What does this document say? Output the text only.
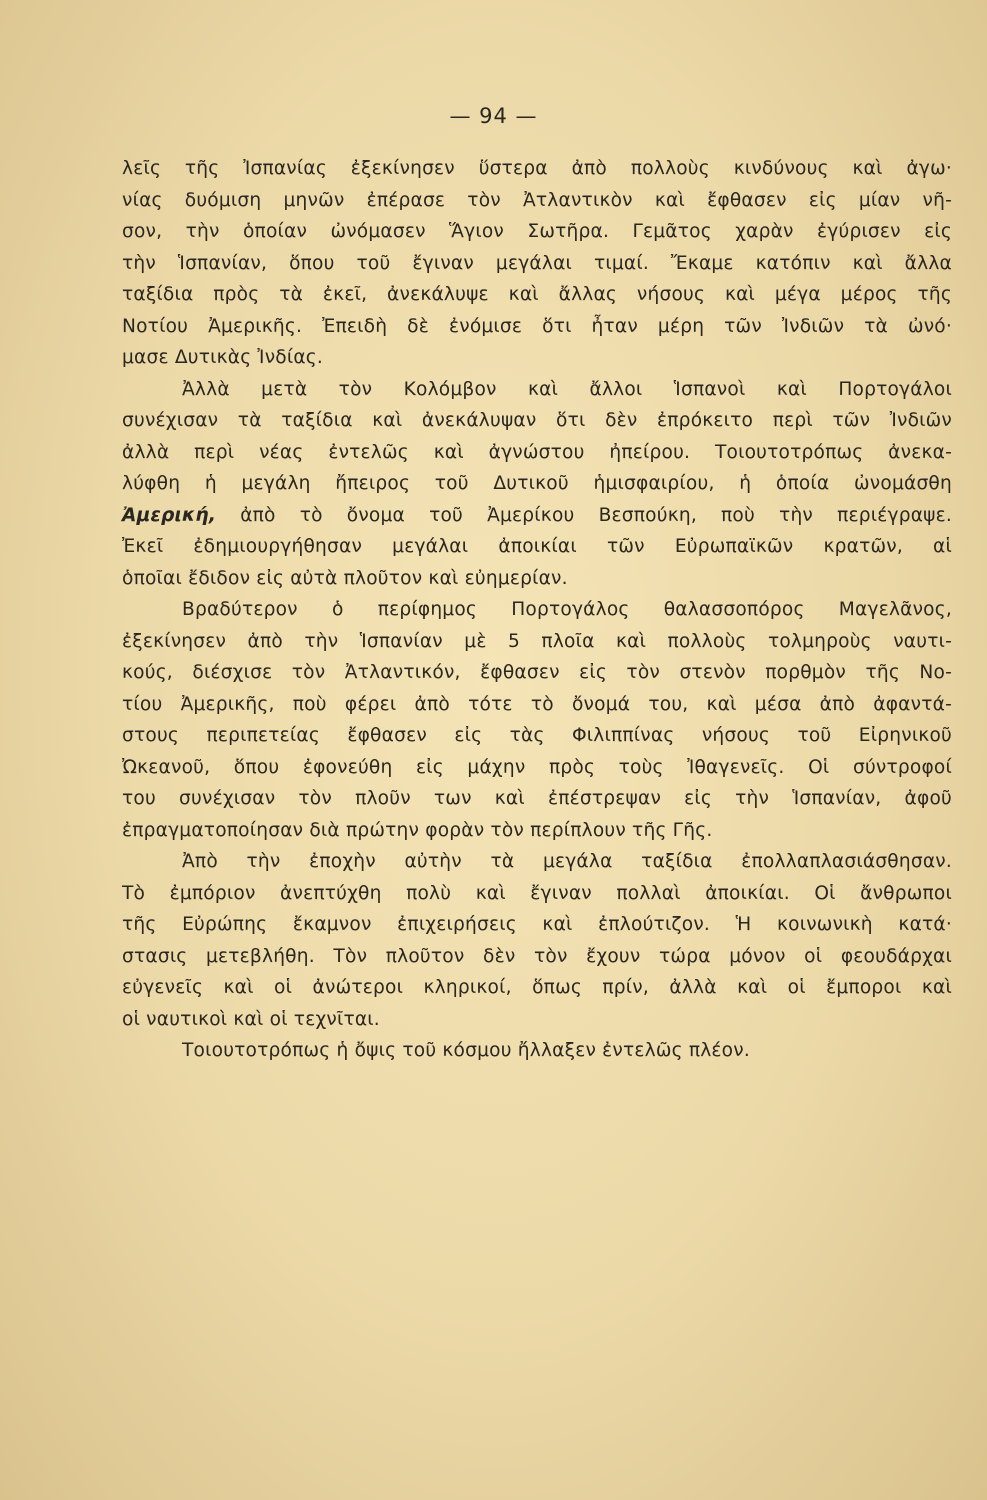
— 94 —
λεῖς τῆς Ἰσπανίας ἐξεκίνησεν ὕστερα ἀπὸ πολλοὺς κινδύνους καὶ ἀγω·
νίας δυόμιση μηνῶν ἐπέρασε τὸν Ἀτλαντικὸν καὶ ἔφθασεν εἰς μίαν νῆ-
σον, τὴν ὁποίαν ὠνόμασεν Ἅγιον Σωτῆρα. Γεμᾶτος χαρὰν ἐγύρισεν εἰς
τὴν Ἱσπανίαν, ὅπου τοῦ ἔγιναν μεγάλαι τιμαί. Ἔκαμε κατόπιν καὶ ἄλλα
ταξίδια πρὸς τὰ ἐκεῖ, ἀνεκάλυψε καὶ ἄλλας νήσους καὶ μέγα μέρος τῆς
Νοτίου Ἀμερικῆς. Ἐπειδὴ δὲ ἐνόμισε ὅτι ἦταν μέρη τῶν Ἰνδιῶν τὰ ὠνό·
μασε Δυτικὰς Ἰνδίας.
Ἀλλὰ μετὰ τὸν Κολόμβον καὶ ἄλλοι Ἱσπανοὶ καὶ Πορτογάλοι
συνέχισαν τὰ ταξίδια καὶ ἀνεκάλυψαν ὅτι δὲν ἐπρόκειτο περὶ τῶν Ἰνδιῶν
ἀλλὰ περὶ νέας ἐντελῶς καὶ ἀγνώστου ἠπείρου. Τοιουτοτρόπως ἀνεκα-
λύφθη ἡ μεγάλη ἤπειρος τοῦ Δυτικοῦ ἡμισφαιρίου, ἡ ὁποία ὠνομάσθη
Ἀμερική, ἀπὸ τὸ ὄνομα τοῦ Ἀμερίκου Βεσπούκη, ποὺ τὴν περιέγραψε.
Ἐκεῖ ἐδημιουργήθησαν μεγάλαι ἀποικίαι τῶν Εὐρωπαϊκῶν κρατῶν, αἱ
ὁποῖαι ἔδιδον εἰς αὐτὰ πλοῦτον καὶ εὐημερίαν.
Βραδύτερον ὁ περίφημος Πορτογάλος θαλασσοπόρος Μαγελᾶνος,
ἐξεκίνησεν ἀπὸ τὴν Ἱσπανίαν μὲ 5 πλοῖα καὶ πολλοὺς τολμηροὺς ναυτι-
κούς, διέσχισε τὸν Ἀτλαντικόν, ἔφθασεν εἰς τὸν στενὸν πορθμὸν τῆς Νο-
τίου Ἀμερικῆς, ποὺ φέρει ἀπὸ τότε τὸ ὄνομά του, καὶ μέσα ἀπὸ ἀφαντά-
στους περιπετείας ἔφθασεν εἰς τὰς Φιλιππίνας νήσους τοῦ Εἰρηνικοῦ
Ὠκεανοῦ, ὅπου ἐφονεύθη εἰς μάχην πρὸς τοὺς Ἰθαγενεῖς. Οἱ σύντροφοί
του συνέχισαν τὸν πλοῦν των καὶ ἐπέστρεψαν εἰς τὴν Ἱσπανίαν, ἀφοῦ
ἐπραγματοποίησαν διὰ πρώτην φορὰν τὸν περίπλουν τῆς Γῆς.
Ἀπὸ τὴν ἐποχὴν αὐτὴν τὰ μεγάλα ταξίδια ἐπολλαπλασιάσθησαν.
Τὸ ἐμπόριον ἀνεπτύχθη πολὺ καὶ ἔγιναν πολλαὶ ἀποικίαι. Οἱ ἄνθρωποι
τῆς Εὐρώπης ἔκαμνον ἐπιχειρήσεις καὶ ἐπλούτιζον. Ἡ κοινωνικὴ κατά·
στασις μετεβλήθη. Τὸν πλοῦτον δὲν τὸν ἔχουν τώρα μόνον οἱ φεουδάρχαι
εὐγενεῖς καὶ οἱ ἀνώτεροι κληρικοί, ὅπως πρίν, ἀλλὰ καὶ οἱ ἔμποροι καὶ
οἱ ναυτικοὶ καὶ οἱ τεχνῖται.
Τοιουτοτρόπως ἡ ὄψις τοῦ κόσμου ἤλλαξεν ἐντελῶς πλέον.
